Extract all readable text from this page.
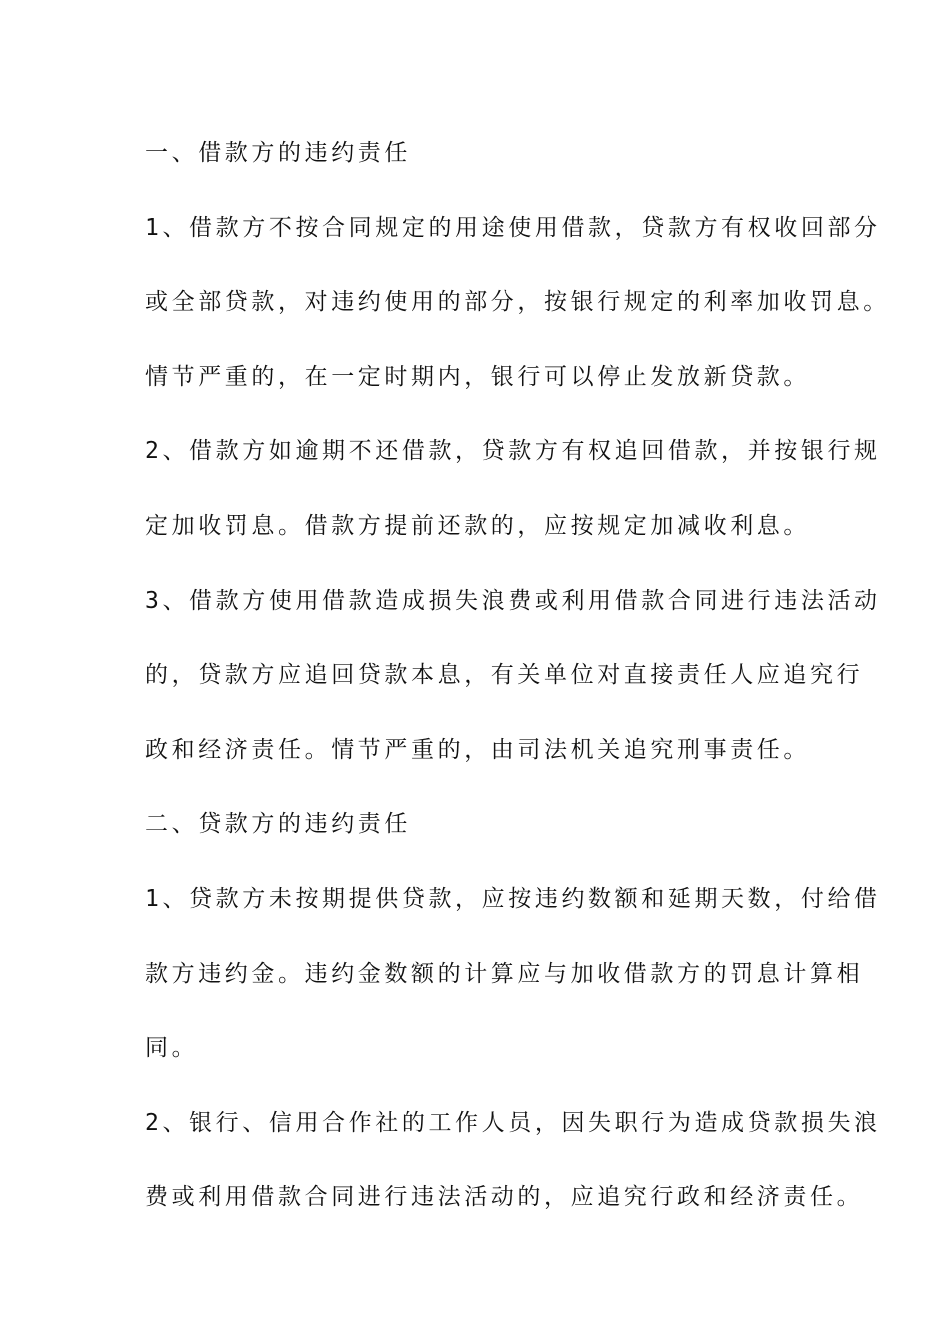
一、借款方的违约责任
1、借款方不按合同规定的用途使用借款，贷款方有权收回部分
或全部贷款，对违约使用的部分，按银行规定的利率加收罚息。
情节严重的，在一定时期内，银行可以停止发放新贷款。
2、借款方如逾期不还借款，贷款方有权追回借款，并按银行规
定加收罚息。借款方提前还款的，应按规定加减收利息。
3、借款方使用借款造成损失浪费或利用借款合同进行违法活动
的，贷款方应追回贷款本息，有关单位对直接责任人应追究行
政和经济责任。情节严重的，由司法机关追究刑事责任。
二、贷款方的违约责任
1、贷款方未按期提供贷款，应按违约数额和延期天数，付给借
款方违约金。违约金数额的计算应与加收借款方的罚息计算相
同。
2、银行、信用合作社的工作人员，因失职行为造成贷款损失浪
费或利用借款合同进行违法活动的，应追究行政和经济责任。
